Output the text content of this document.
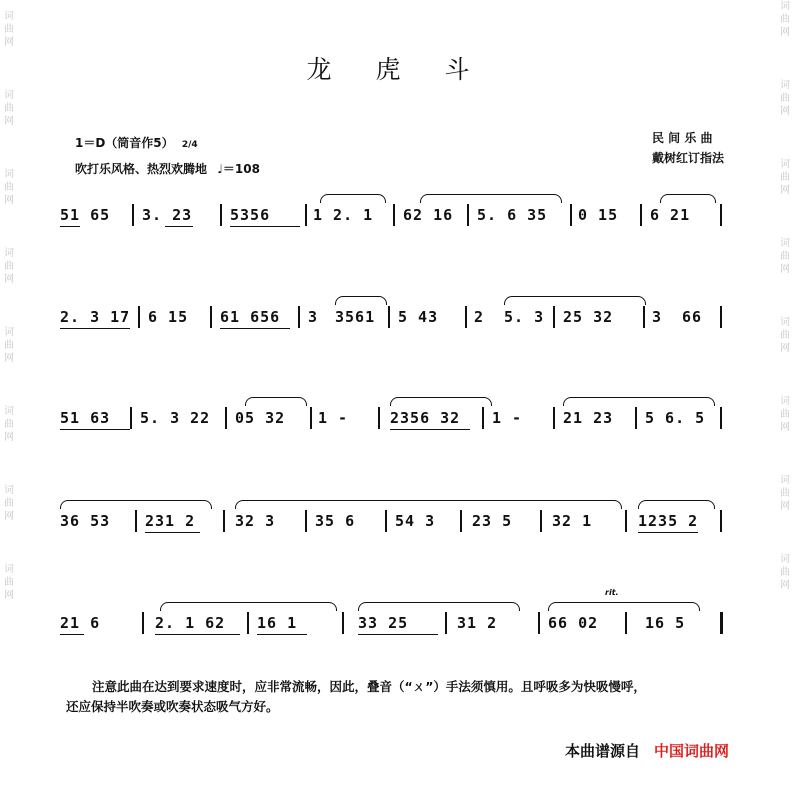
词
曲
网
词
曲
网
词
曲
网
词
曲
网
词
曲
网
词
曲
网
词
曲
网
词
曲
网
词
曲
网
词
曲
网
词
曲
网
词
曲
网
词
曲
网
词
曲
网
词
曲
网
词
曲
网
龙 虎 斗
1＝D（筒音作5） 2/4
吹打乐风格、热烈欢腾地 ♩＝108
民 间 乐 曲
戴树红订指法
51 65 3. 23	5356	1 2. 1 62 16 5. 6 35 0 15 6 21
2. 3 17 6 15 61 656 3 3561 5 43 2 5. 3 25 32	3 66
51 63 5. 3 22 05 32 1 -	2356 32 1 -	21 23 5 6. 5
36 53 231 2	32 3	35 6	54 3 23 5	32 1	1235 2
21 6	2. 1 62 16 1	33 25	31 2	66 02	16 5
rit.
注意此曲在达到要求速度时，应非常流畅，因此，叠音（“ㄨ”）手法须慎用。且呼吸多为快吸慢呼，
还应保持半吹奏或吹奏状态吸气方好。
本曲谱源自 中国词曲网
